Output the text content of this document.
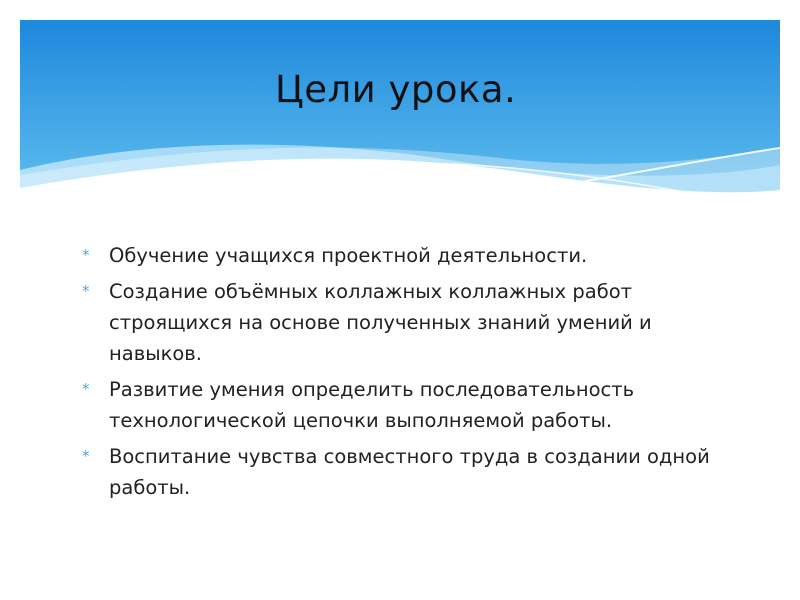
Цели урока.
* Обучение учащихся проектной деятельности.
* Создание объёмных коллажных коллажных работ строящихся на основе полученных знаний умений и навыков.
* Развитие умения определить последовательность технологической цепочки выполняемой работы.
* Воспитание чувства совместного труда в создании одной работы.
